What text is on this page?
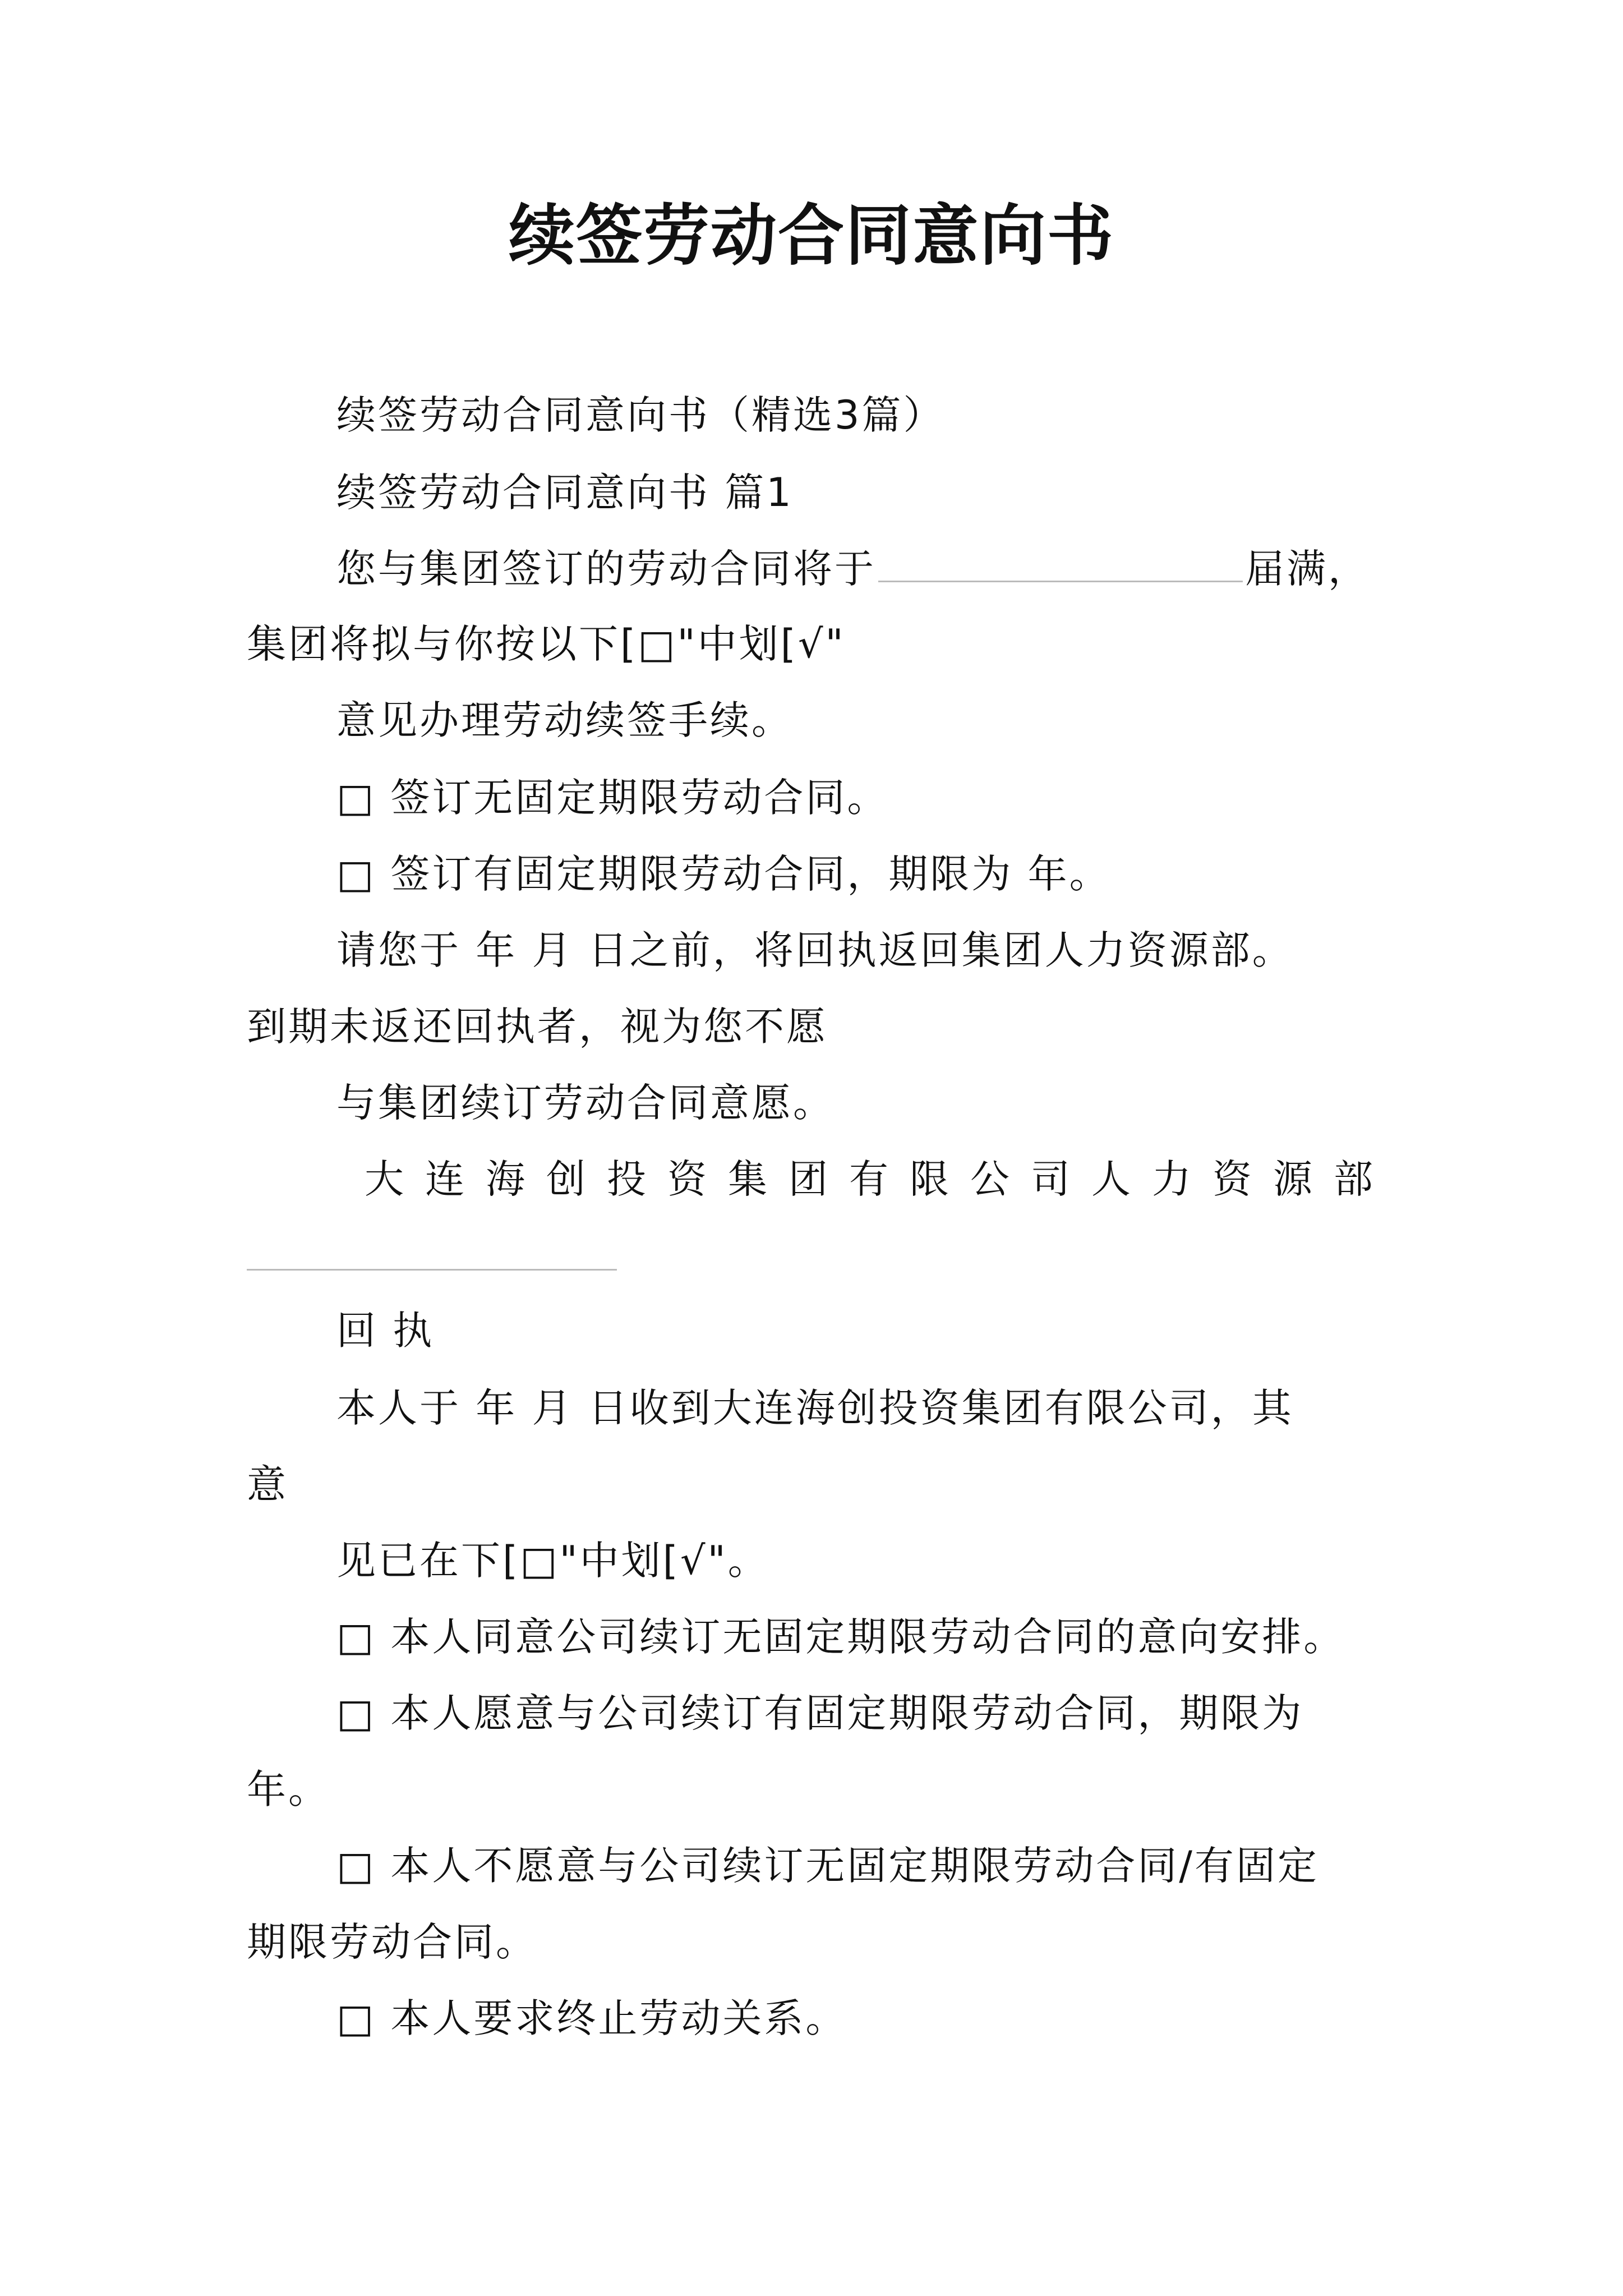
续签劳动合同意向书
续签劳动合同意向书（精选3篇）
续签劳动合同意向书 篇1
您与集团签订的劳动合同将于	届满，
集团将拟与你按以下[□"中划[√"
意见办理劳动续签手续。
□ 签订无固定期限劳动合同。
□ 签订有固定期限劳动合同，期限为 年。
请您于 年 月 日之前，将回执返回集团人力资源部。
到期未返还回执者，视为您不愿
与集团续订劳动合同意愿。
大连海创投资集团有限公司人力资源部
回 执
本人于 年 月 日收到大连海创投资集团有限公司，其
意
见已在下[□"中划[√"。
□ 本人同意公司续订无固定期限劳动合同的意向安排。
□ 本人愿意与公司续订有固定期限劳动合同，期限为
年。
□ 本人不愿意与公司续订无固定期限劳动合同/有固定
期限劳动合同。
□ 本人要求终止劳动关系。
